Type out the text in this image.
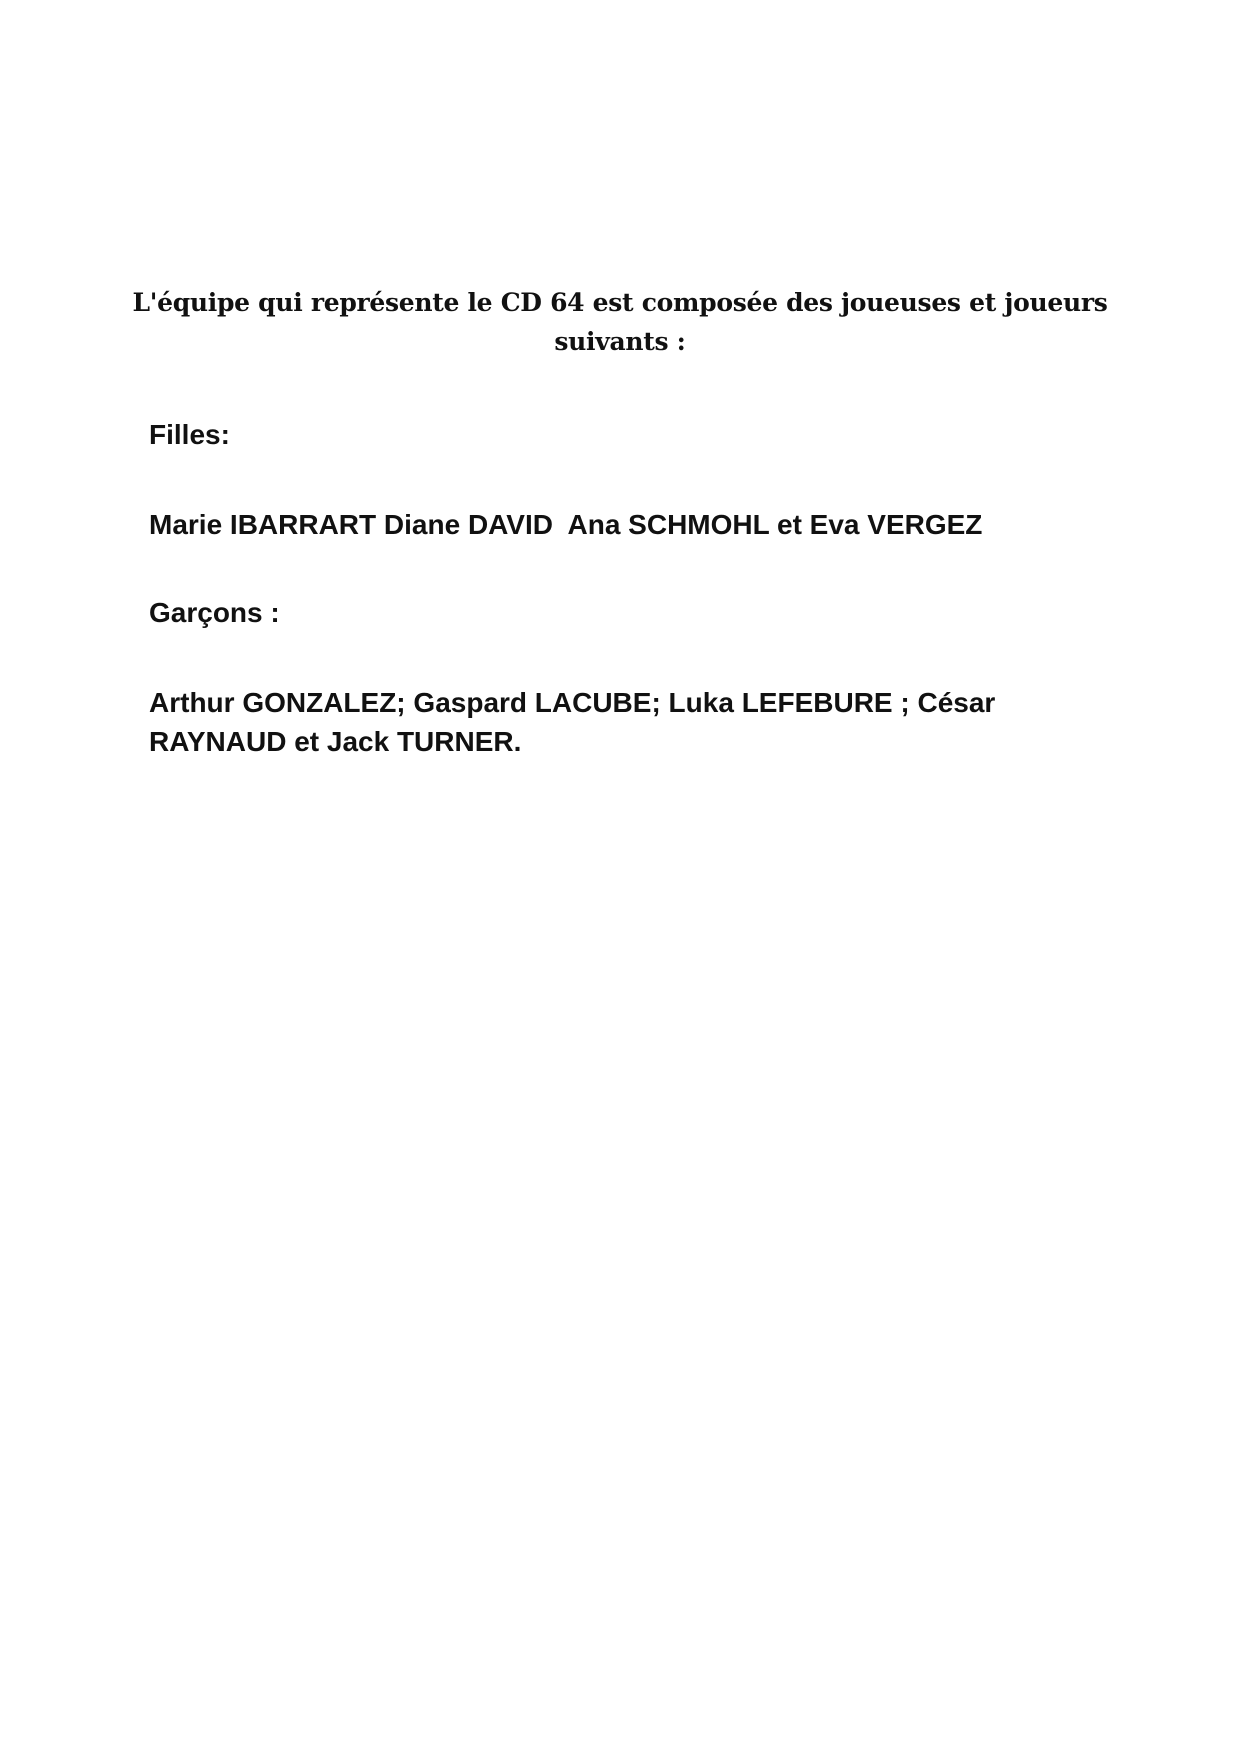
L'équipe qui représente le CD 64 est composée des joueuses et joueurs suivants :

Filles:

Marie IBARRART Diane DAVID  Ana SCHMOHL et Eva VERGEZ

Garçons :

Arthur GONZALEZ; Gaspard LACUBE; Luka LEFEBURE ; César RAYNAUD et Jack TURNER.
